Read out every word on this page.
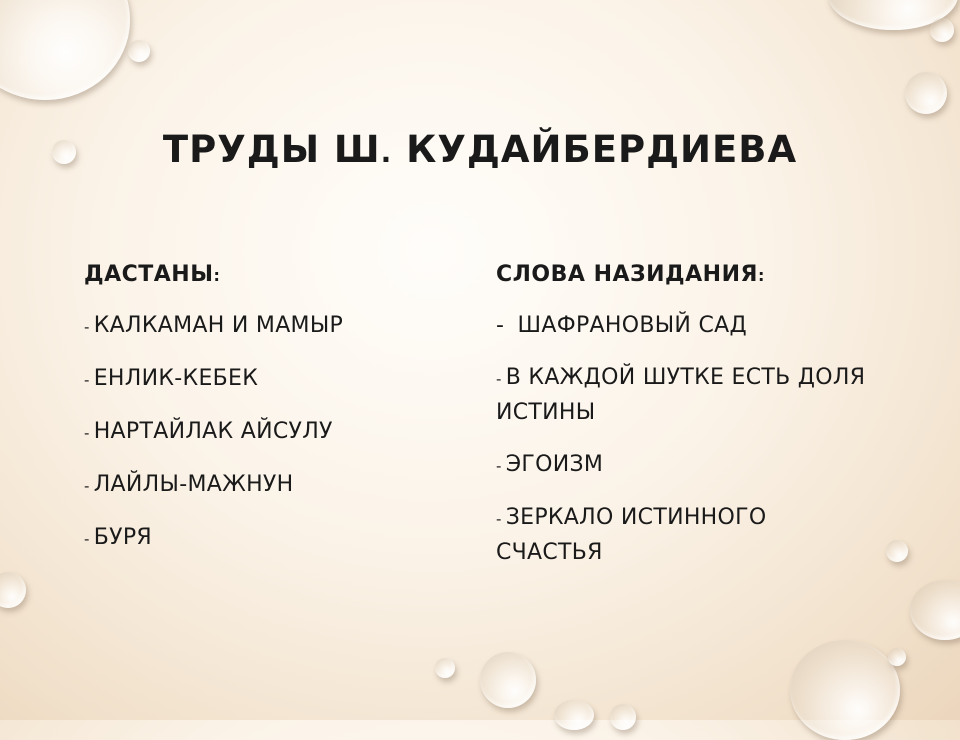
ТРУДЫ Ш. КУДАЙБЕРДИЕВА
ДАСТАНЫ:
- КАЛКАМАН И МАМЫР
- ЕНЛИК-КЕБЕК
- НАРТАЙЛАК АЙСУЛУ
- ЛАЙЛЫ-МАЖНУН
- БУРЯ
СЛОВА НАЗИДАНИЯ:
- ШАФРАНОВЫЙ САД
- В КАЖДОЙ ШУТКЕ ЕСТЬ ДОЛЯ ИСТИНЫ
- ЭГОИЗМ
- ЗЕРКАЛО ИСТИННОГО СЧАСТЬЯ
